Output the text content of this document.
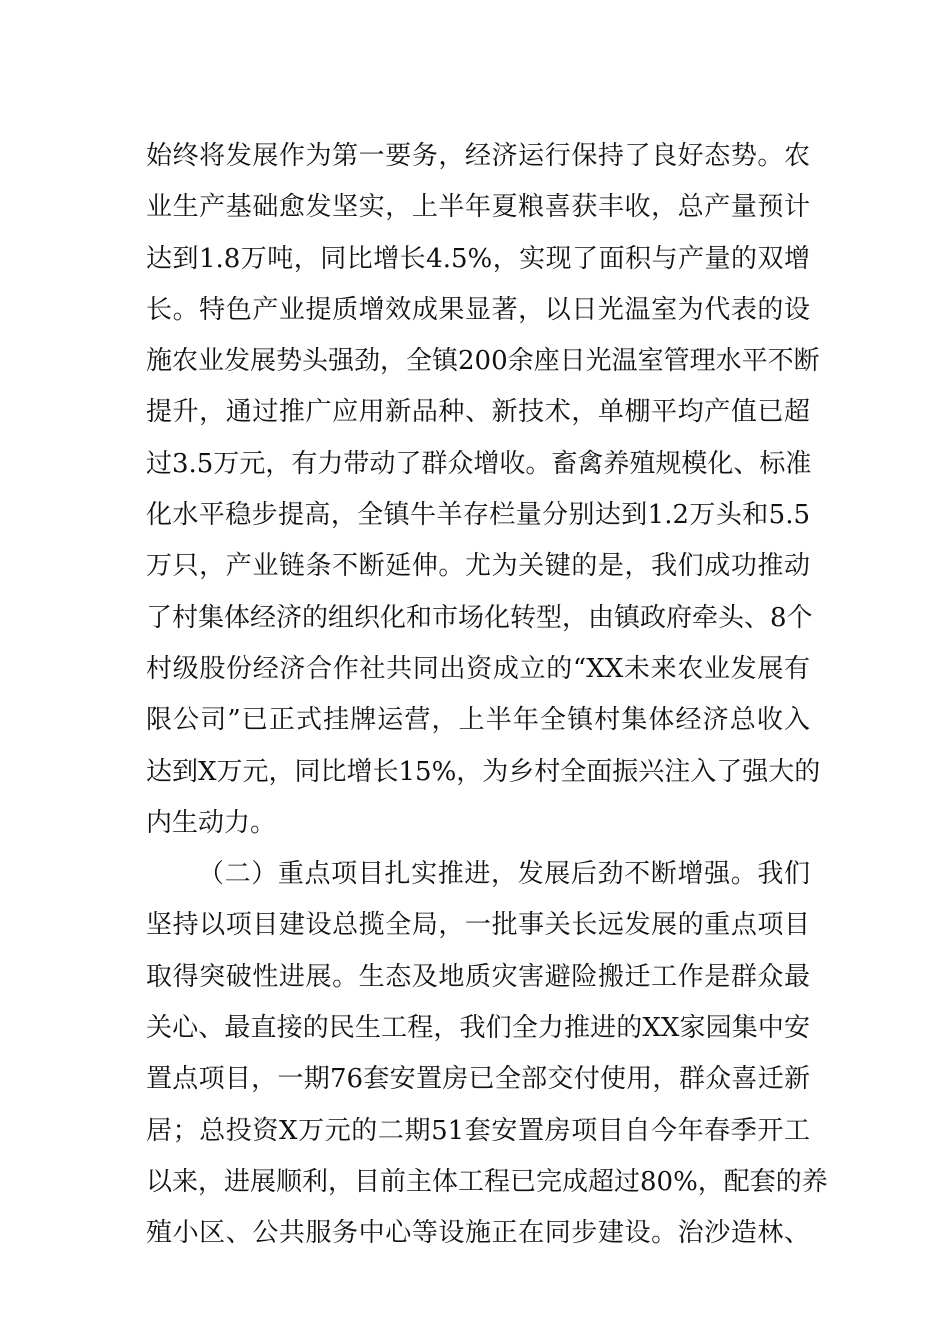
始终将发展作为第一要务，经济运行保持了良好态势。农
业生产基础愈发坚实，上半年夏粮喜获丰收，总产量预计
达到1.8万吨，同比增长4.5%，实现了面积与产量的双增
长。特色产业提质增效成果显著，以日光温室为代表的设
施农业发展势头强劲，全镇200余座日光温室管理水平不断
提升，通过推广应用新品种、新技术，单棚平均产值已超
过3.5万元，有力带动了群众增收。畜禽养殖规模化、标准
化水平稳步提高，全镇牛羊存栏量分别达到1.2万头和5.5
万只，产业链条不断延伸。尤为关键的是，我们成功推动
了村集体经济的组织化和市场化转型，由镇政府牵头、8个
村级股份经济合作社共同出资成立的“XX未来农业发展有
限公司”已正式挂牌运营，上半年全镇村集体经济总收入
达到X万元，同比增长15%，为乡村全面振兴注入了强大的
内生动力。
（二）重点项目扎实推进，发展后劲不断增强。我们
坚持以项目建设总揽全局，一批事关长远发展的重点项目
取得突破性进展。生态及地质灾害避险搬迁工作是群众最
关心、最直接的民生工程，我们全力推进的XX家园集中安
置点项目，一期76套安置房已全部交付使用，群众喜迁新
居；总投资X万元的二期51套安置房项目自今年春季开工
以来，进展顺利，目前主体工程已完成超过80%，配套的养
殖小区、公共服务中心等设施正在同步建设。治沙造林、
